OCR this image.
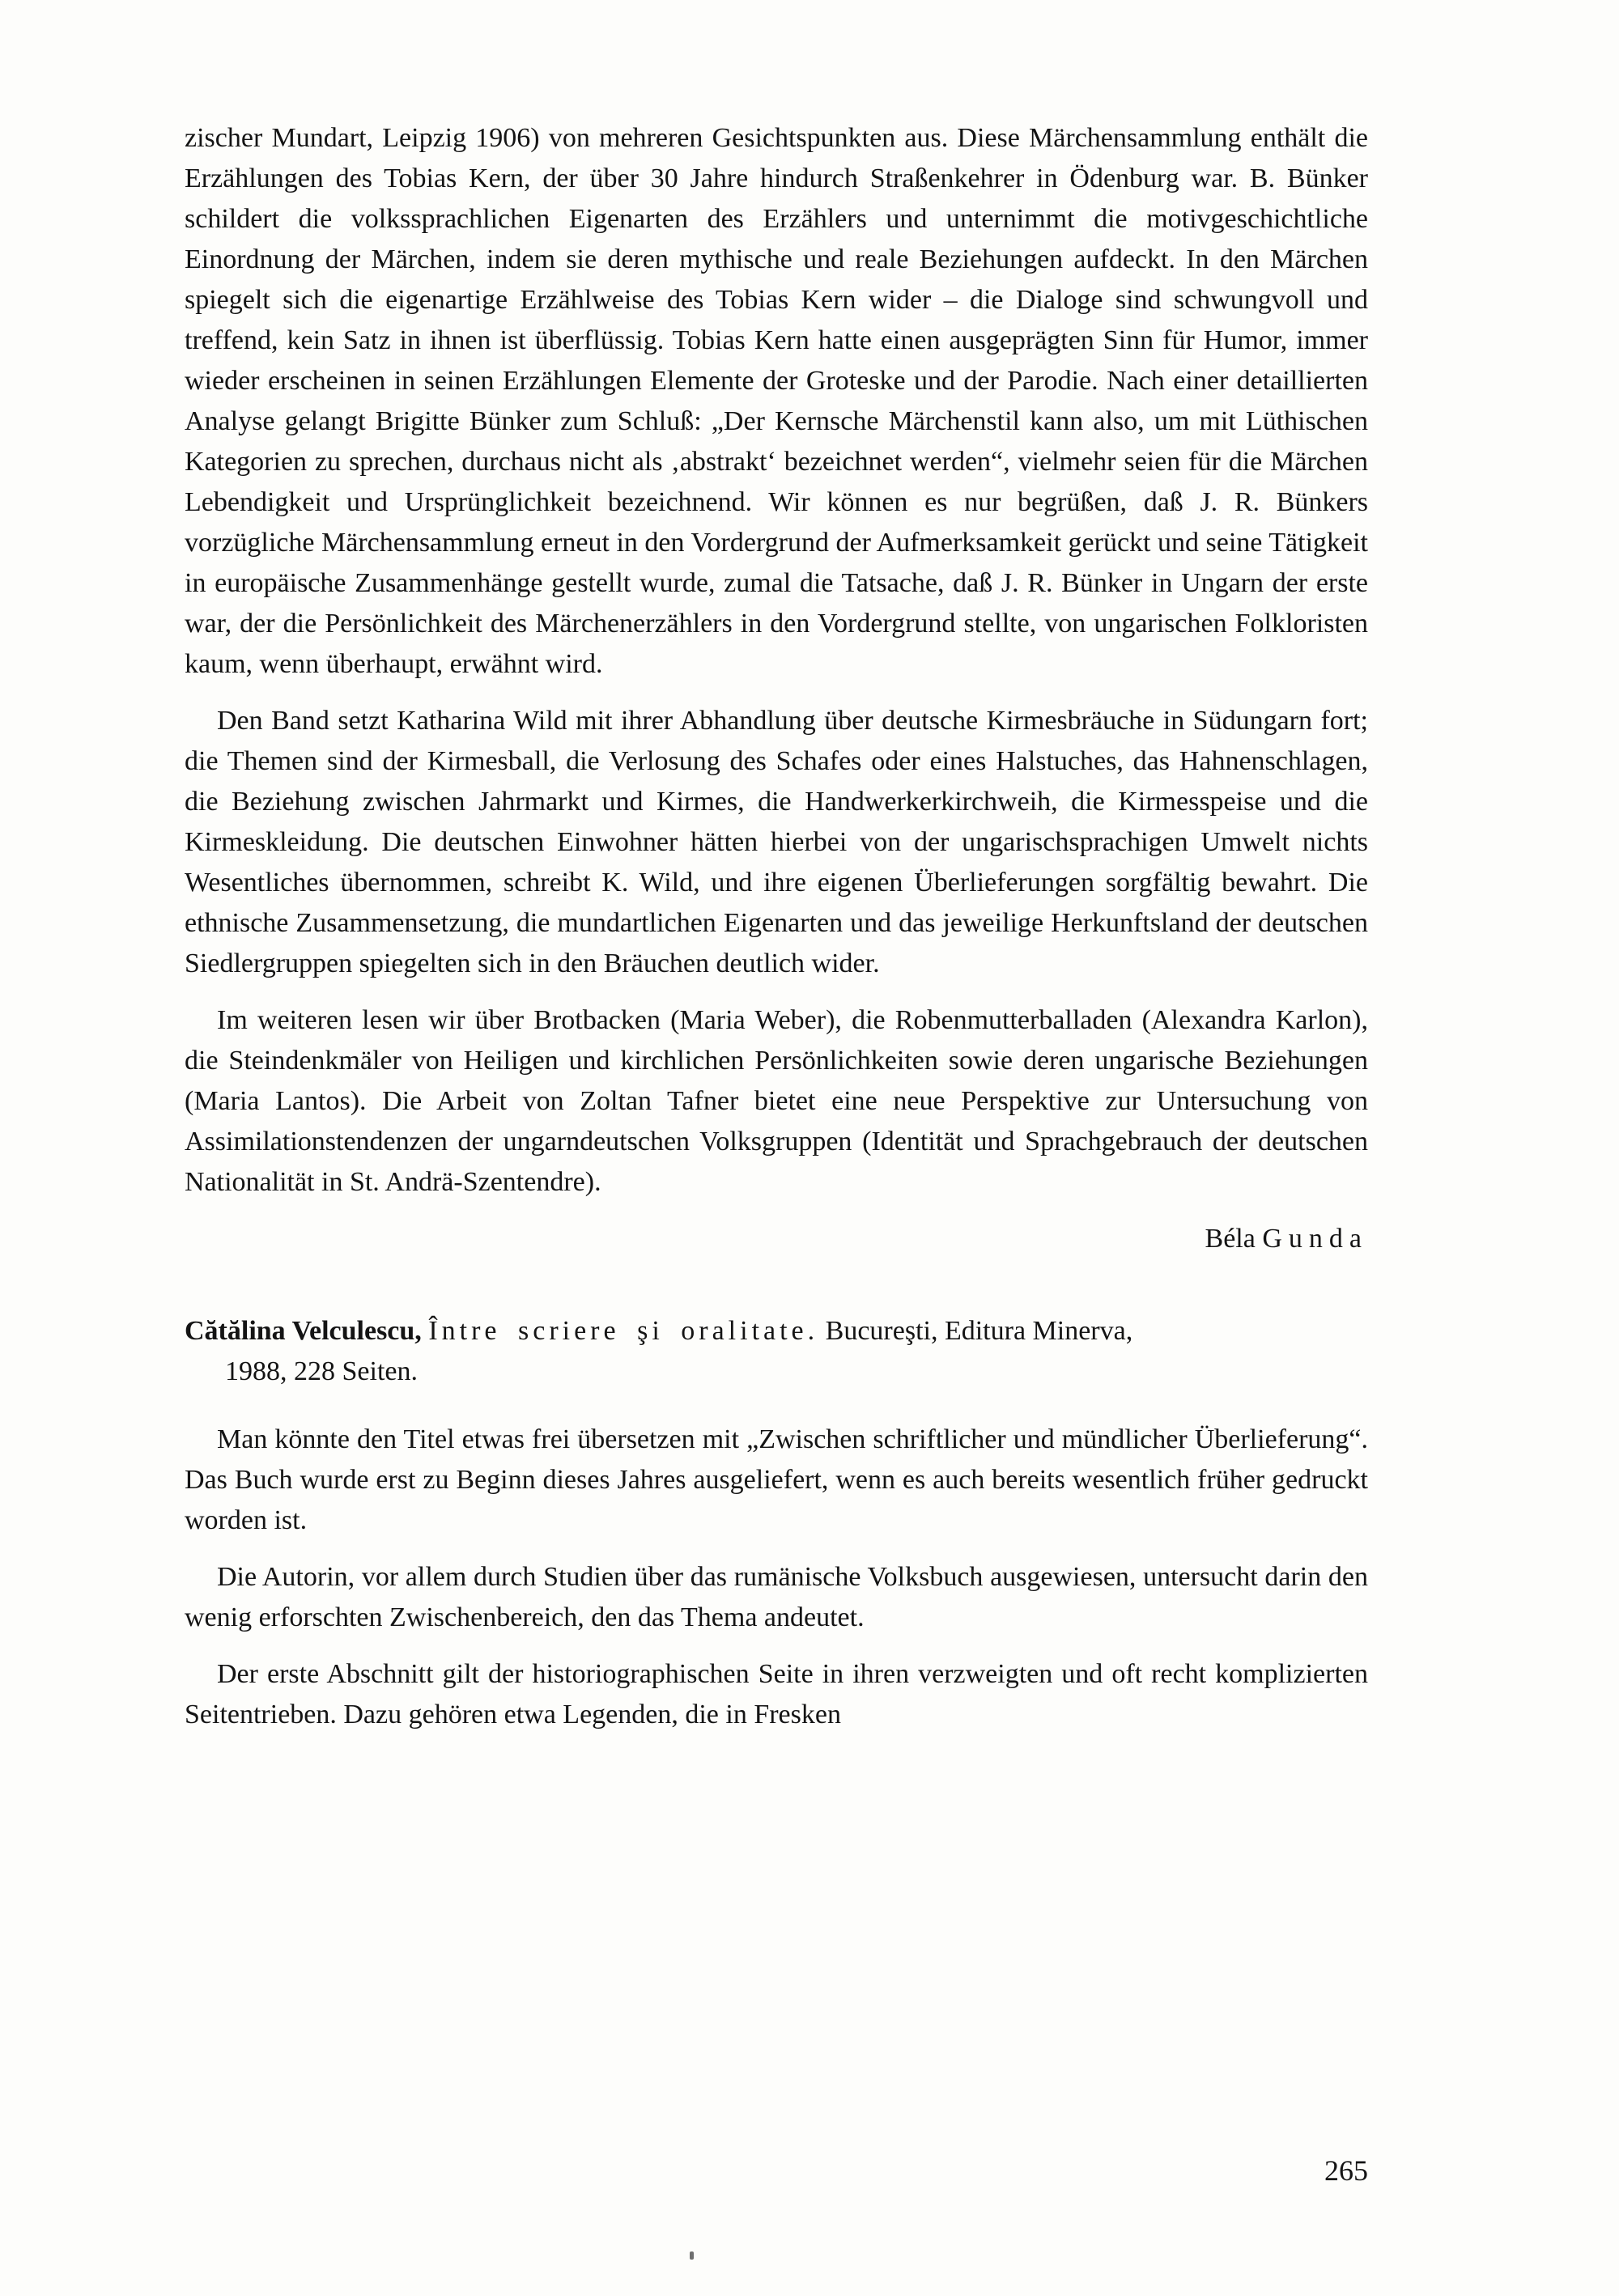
zischer Mundart, Leipzig 1906) von mehreren Gesichtspunkten aus. Diese Märchensammlung enthält die Erzählungen des Tobias Kern, der über 30 Jahre hindurch Straßenkehrer in Ödenburg war. B. Bünker schildert die volkssprachlichen Eigenarten des Erzählers und unternimmt die motivgeschichtliche Einordnung der Märchen, indem sie deren mythische und reale Beziehungen aufdeckt. In den Märchen spiegelt sich die eigenartige Erzählweise des Tobias Kern wider – die Dialoge sind schwungvoll und treffend, kein Satz in ihnen ist überflüssig. Tobias Kern hatte einen ausgeprägten Sinn für Humor, immer wieder erscheinen in seinen Erzählungen Elemente der Groteske und der Parodie. Nach einer detaillierten Analyse gelangt Brigitte Bünker zum Schluß: „Der Kernsche Märchenstil kann also, um mit Lüthischen Kategorien zu sprechen, durchaus nicht als ‚abstrakt‘ bezeichnet werden“, vielmehr seien für die Märchen Lebendigkeit und Ursprünglichkeit bezeichnend. Wir können es nur begrüßen, daß J. R. Bünkers vorzügliche Märchensammlung erneut in den Vordergrund der Aufmerksamkeit gerückt und seine Tätigkeit in europäische Zusammenhänge gestellt wurde, zumal die Tatsache, daß J. R. Bünker in Ungarn der erste war, der die Persönlichkeit des Märchenerzählers in den Vordergrund stellte, von ungarischen Folkloristen kaum, wenn überhaupt, erwähnt wird.

Den Band setzt Katharina Wild mit ihrer Abhandlung über deutsche Kirmesbräuche in Südungarn fort; die Themen sind der Kirmesball, die Verlosung des Schafes oder eines Halstuches, das Hahnenschlagen, die Beziehung zwischen Jahrmarkt und Kirmes, die Handwerkerkirchweih, die Kirmesspeise und die Kirmeskleidung. Die deutschen Einwohner hätten hierbei von der ungarischsprachigen Umwelt nichts Wesentliches übernommen, schreibt K. Wild, und ihre eigenen Überlieferungen sorgfältig bewahrt. Die ethnische Zusammensetzung, die mundartlichen Eigenarten und das jeweilige Herkunftsland der deutschen Siedlergruppen spiegelten sich in den Bräuchen deutlich wider.

Im weiteren lesen wir über Brotbacken (Maria Weber), die Robenmutterballaden (Alexandra Karlon), die Steindenkmäler von Heiligen und kirchlichen Persönlichkeiten sowie deren ungarische Beziehungen (Maria Lantos). Die Arbeit von Zoltan Tafner bietet eine neue Perspektive zur Untersuchung von Assimilationstendenzen der ungarndeutschen Volksgruppen (Identität und Sprachgebrauch der deutschen Nationalität in St. Andrä-Szentendre).

Béla Gunda

Cătălina Velculescu, Între scriere şi oralitate. Bucureşti, Editura Minerva,
1988, 228 Seiten.

Man könnte den Titel etwas frei übersetzen mit „Zwischen schriftlicher und mündlicher Überlieferung“. Das Buch wurde erst zu Beginn dieses Jahres ausgeliefert, wenn es auch bereits wesentlich früher gedruckt worden ist.

Die Autorin, vor allem durch Studien über das rumänische Volksbuch ausgewiesen, untersucht darin den wenig erforschten Zwischenbereich, den das Thema andeutet.

Der erste Abschnitt gilt der historiographischen Seite in ihren verzweigten und oft recht komplizierten Seitentrieben. Dazu gehören etwa Legenden, die in Fresken

265
